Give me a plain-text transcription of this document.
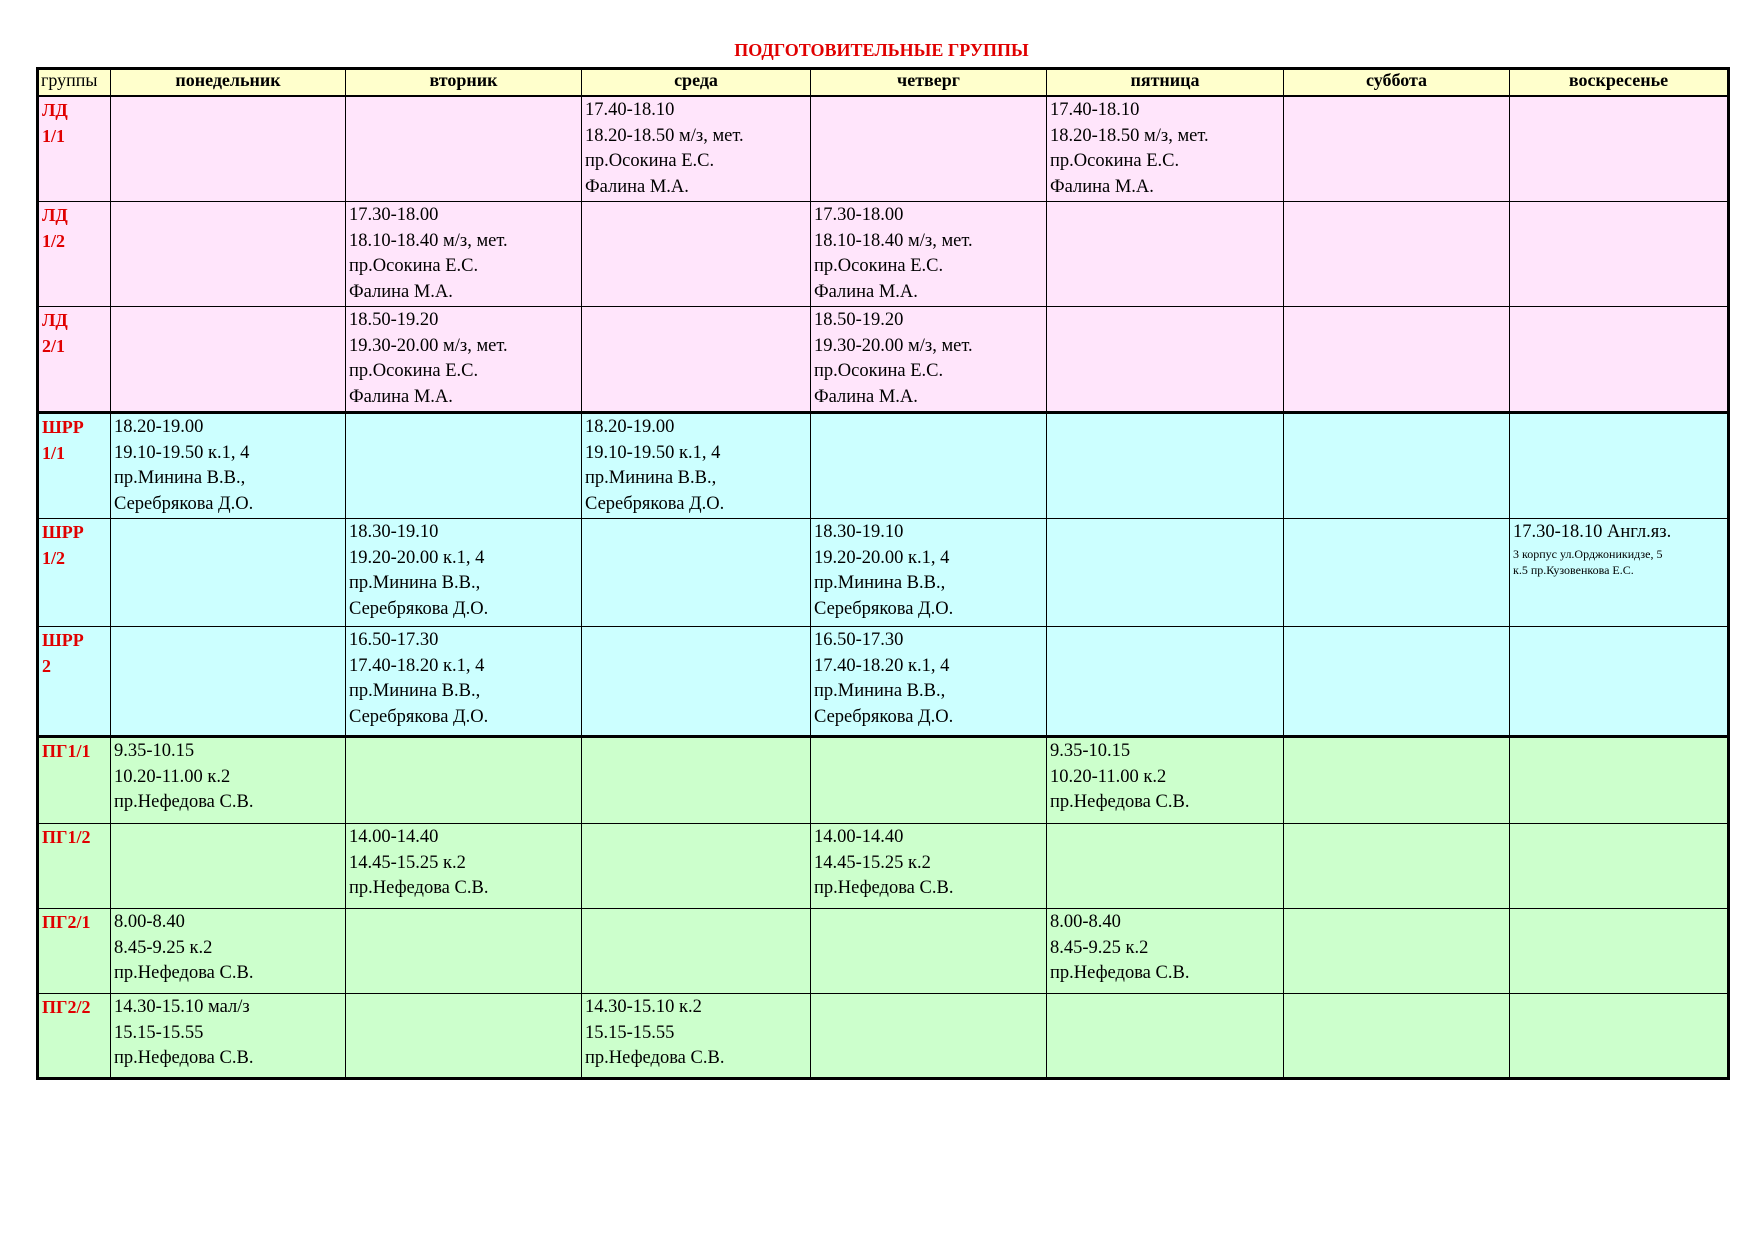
ПОДГОТОВИТЕЛЬНЫЕ ГРУППЫ
группы	понедельник	вторник	среда	четверг	пятница	суббота	воскресенье

ЛД
1/1			17.40-18.10
18.20-18.50 м/з, мет.
пр.Осокина Е.С.
Фалина М.А.		17.40-18.10
18.20-18.50 м/з, мет.
пр.Осокина Е.С.
Фалина М.А.		

ЛД
1/2		17.30-18.00
18.10-18.40 м/з, мет.
пр.Осокина Е.С.
Фалина М.А.		17.30-18.00
18.10-18.40 м/з, мет.
пр.Осокина Е.С.
Фалина М.А.			

ЛД
2/1		18.50-19.20
19.30-20.00 м/з, мет.
пр.Осокина Е.С.
Фалина М.А.		18.50-19.20
19.30-20.00 м/з, мет.
пр.Осокина Е.С.
Фалина М.А.			

ШРР
1/1	18.20-19.00
19.10-19.50 к.1, 4
пр.Минина В.В.,
Серебрякова Д.О.		18.20-19.00
19.10-19.50 к.1, 4
пр.Минина В.В.,
Серебрякова Д.О.				

ШРР
1/2		18.30-19.10
19.20-20.00 к.1, 4
пр.Минина В.В.,
Серебрякова Д.О.		18.30-19.10
19.20-20.00 к.1, 4
пр.Минина В.В.,
Серебрякова Д.О.			17.30-18.10 Англ.яз.
3 корпус ул.Орджоникидзе, 5
к.5 пр.Кузовенкова Е.С.

ШРР
2		16.50-17.30
17.40-18.20 к.1, 4
пр.Минина В.В.,
Серебрякова Д.О.		16.50-17.30
17.40-18.20 к.1, 4
пр.Минина В.В.,
Серебрякова Д.О.			

ПГ1/1	9.35-10.15
10.20-11.00 к.2
пр.Нефедова С.В.				9.35-10.15
10.20-11.00 к.2
пр.Нефедова С.В.		

ПГ1/2		14.00-14.40
14.45-15.25 к.2
пр.Нефедова С.В.		14.00-14.40
14.45-15.25 к.2
пр.Нефедова С.В.			

ПГ2/1	8.00-8.40
8.45-9.25 к.2
пр.Нефедова С.В.				8.00-8.40
8.45-9.25 к.2
пр.Нефедова С.В.		

ПГ2/2	14.30-15.10 мал/з
15.15-15.55
пр.Нефедова С.В.		14.30-15.10 к.2
15.15-15.55
пр.Нефедова С.В.				
